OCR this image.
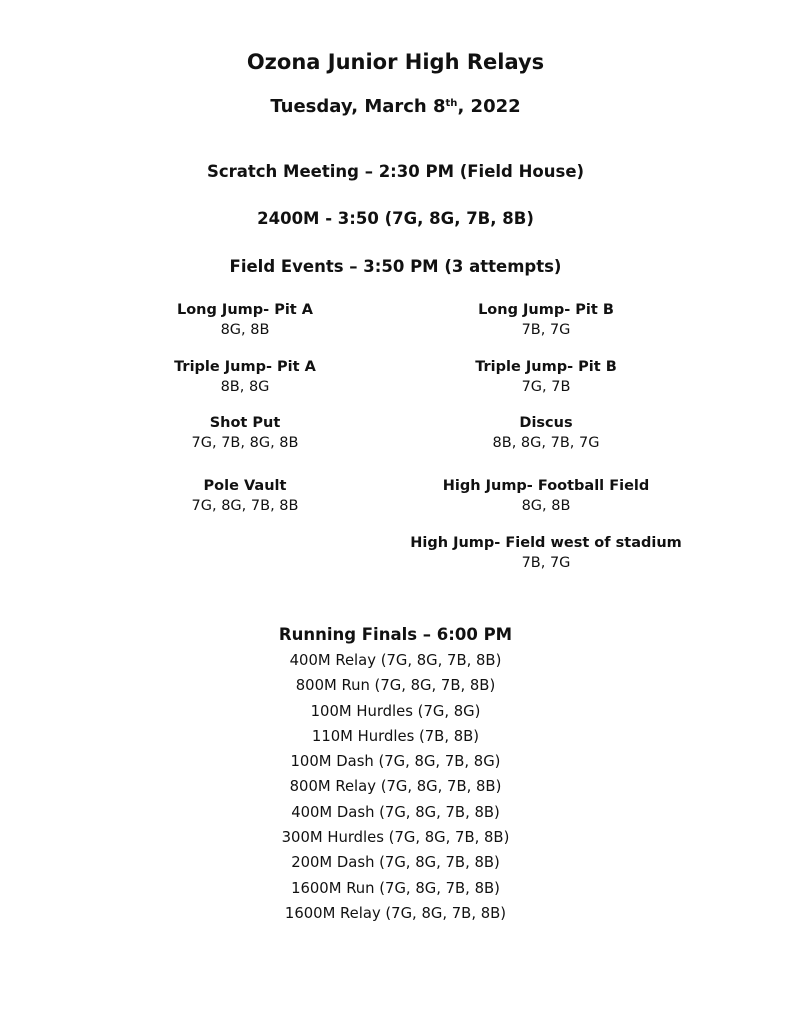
Ozona Junior High Relays
Tuesday, March 8th, 2022
Scratch Meeting – 2:30 PM (Field House)
2400M - 3:50 (7G, 8G, 7B, 8B)
Field Events – 3:50 PM (3 attempts)
Long Jump- Pit A
8G, 8B
Triple Jump- Pit A
8B, 8G
Shot Put
7G, 7B, 8G, 8B
Pole Vault
7G, 8G, 7B, 8B
Long Jump- Pit B
7B, 7G
Triple Jump- Pit B
7G, 7B
Discus
8B, 8G, 7B, 7G
High Jump- Football Field
8G, 8B
High Jump- Field west of stadium
7B, 7G
Running Finals – 6:00 PM
400M Relay (7G, 8G, 7B, 8B)
800M Run (7G, 8G, 7B, 8B)
100M Hurdles (7G, 8G)
110M Hurdles (7B, 8B)
100M Dash (7G, 8G, 7B, 8G)
800M Relay (7G, 8G, 7B, 8B)
400M Dash (7G, 8G, 7B, 8B)
300M Hurdles (7G, 8G, 7B, 8B)
200M Dash (7G, 8G, 7B, 8B)
1600M Run (7G, 8G, 7B, 8B)
1600M Relay (7G, 8G, 7B, 8B)
